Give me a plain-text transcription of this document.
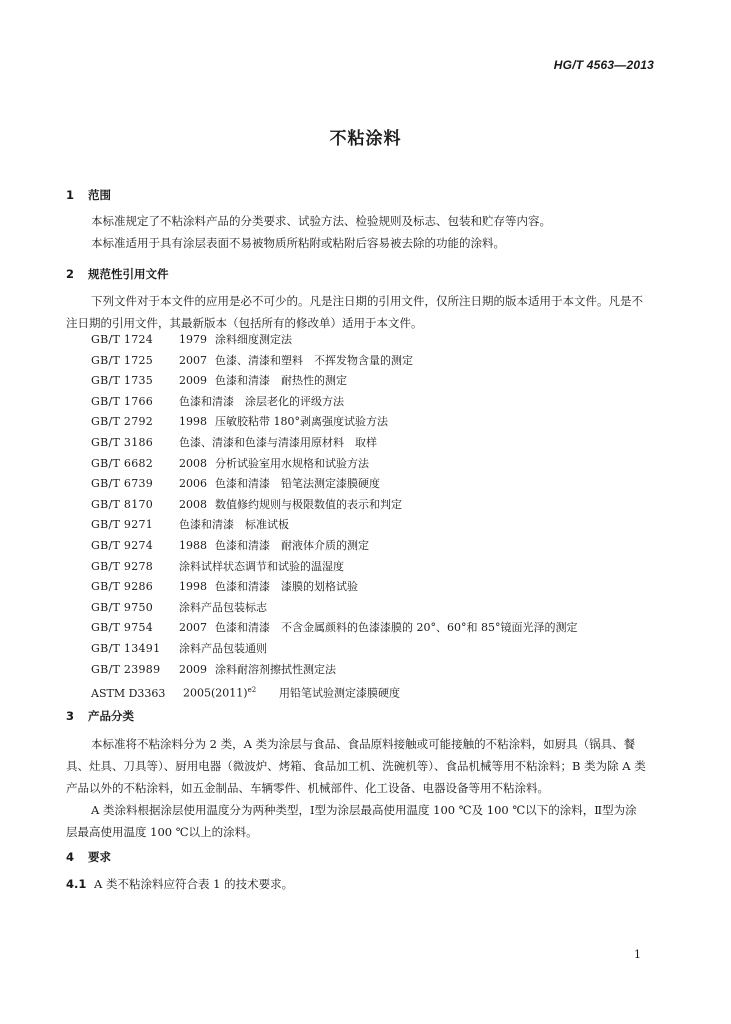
HG/T 4563—2013
不粘涂料
1 范围

本标准规定了不粘涂料产品的分类要求、试验方法、检验规则及标志、包装和贮存等内容。

本标准适用于具有涂层表面不易被物质所粘附或粘附后容易被去除的功能的涂料。

2 规范性引用文件

下列文件对于本文件的应用是必不可少的。凡是注日期的引用文件，仅所注日期的版本适用于本文件。凡是不注日期的引用文件，其最新版本（包括所有的修改单）适用于本文件。

GB/T 1724 1979 涂料细度测定法
GB/T 1725 2007 色漆、清漆和塑料　不挥发物含量的测定
GB/T 1735 2009 色漆和清漆　耐热性的测定
GB/T 1766 色漆和清漆　涂层老化的评级方法
GB/T 2792 1998 压敏胶粘带 180°剥离强度试验方法
GB/T 3186 色漆、清漆和色漆与清漆用原材料　取样
GB/T 6682 2008 分析试验室用水规格和试验方法
GB/T 6739 2006 色漆和清漆　铅笔法测定漆膜硬度
GB/T 8170 2008 数值修约规则与极限数值的表示和判定
GB/T 9271 色漆和清漆　标准试板
GB/T 9274 1988 色漆和清漆　耐液体介质的测定
GB/T 9278 涂料试样状态调节和试验的温湿度
GB/T 9286 1998 色漆和清漆　漆膜的划格试验
GB/T 9750 涂料产品包装标志
GB/T 9754 2007 色漆和清漆　不含金属颜料的色漆漆膜的 20°、60°和 85°镜面光泽的测定
GB/T 13491 涂料产品包装通则
GB/T 23989 2009 涂料耐溶剂擦拭性测定法
ASTM D3363 $2005(2011)^{e2}$ 用铅笔试验测定漆膜硬度
3 产品分类

本标准将不粘涂料分为 2 类，A 类为涂层与食品、食品原料接触或可能接触的不粘涂料，如厨具（锅具、餐具、灶具、刀具等）、厨用电器（微波炉、烤箱、食品加工机、洗碗机等）、食品机械等用不粘涂料；B 类为除 A 类产品以外的不粘涂料，如五金制品、车辆零件、机械部件、化工设备、电器设备等用不粘涂料。

A 类涂料根据涂层使用温度分为两种类型，Ⅰ型为涂层最高使用温度 100 ℃及 100 ℃以下的涂料，Ⅱ型为涂层最高使用温度 100 ℃以上的涂料。

4 要求
4.1 A 类不粘涂料应符合表 1 的技术要求。
1
